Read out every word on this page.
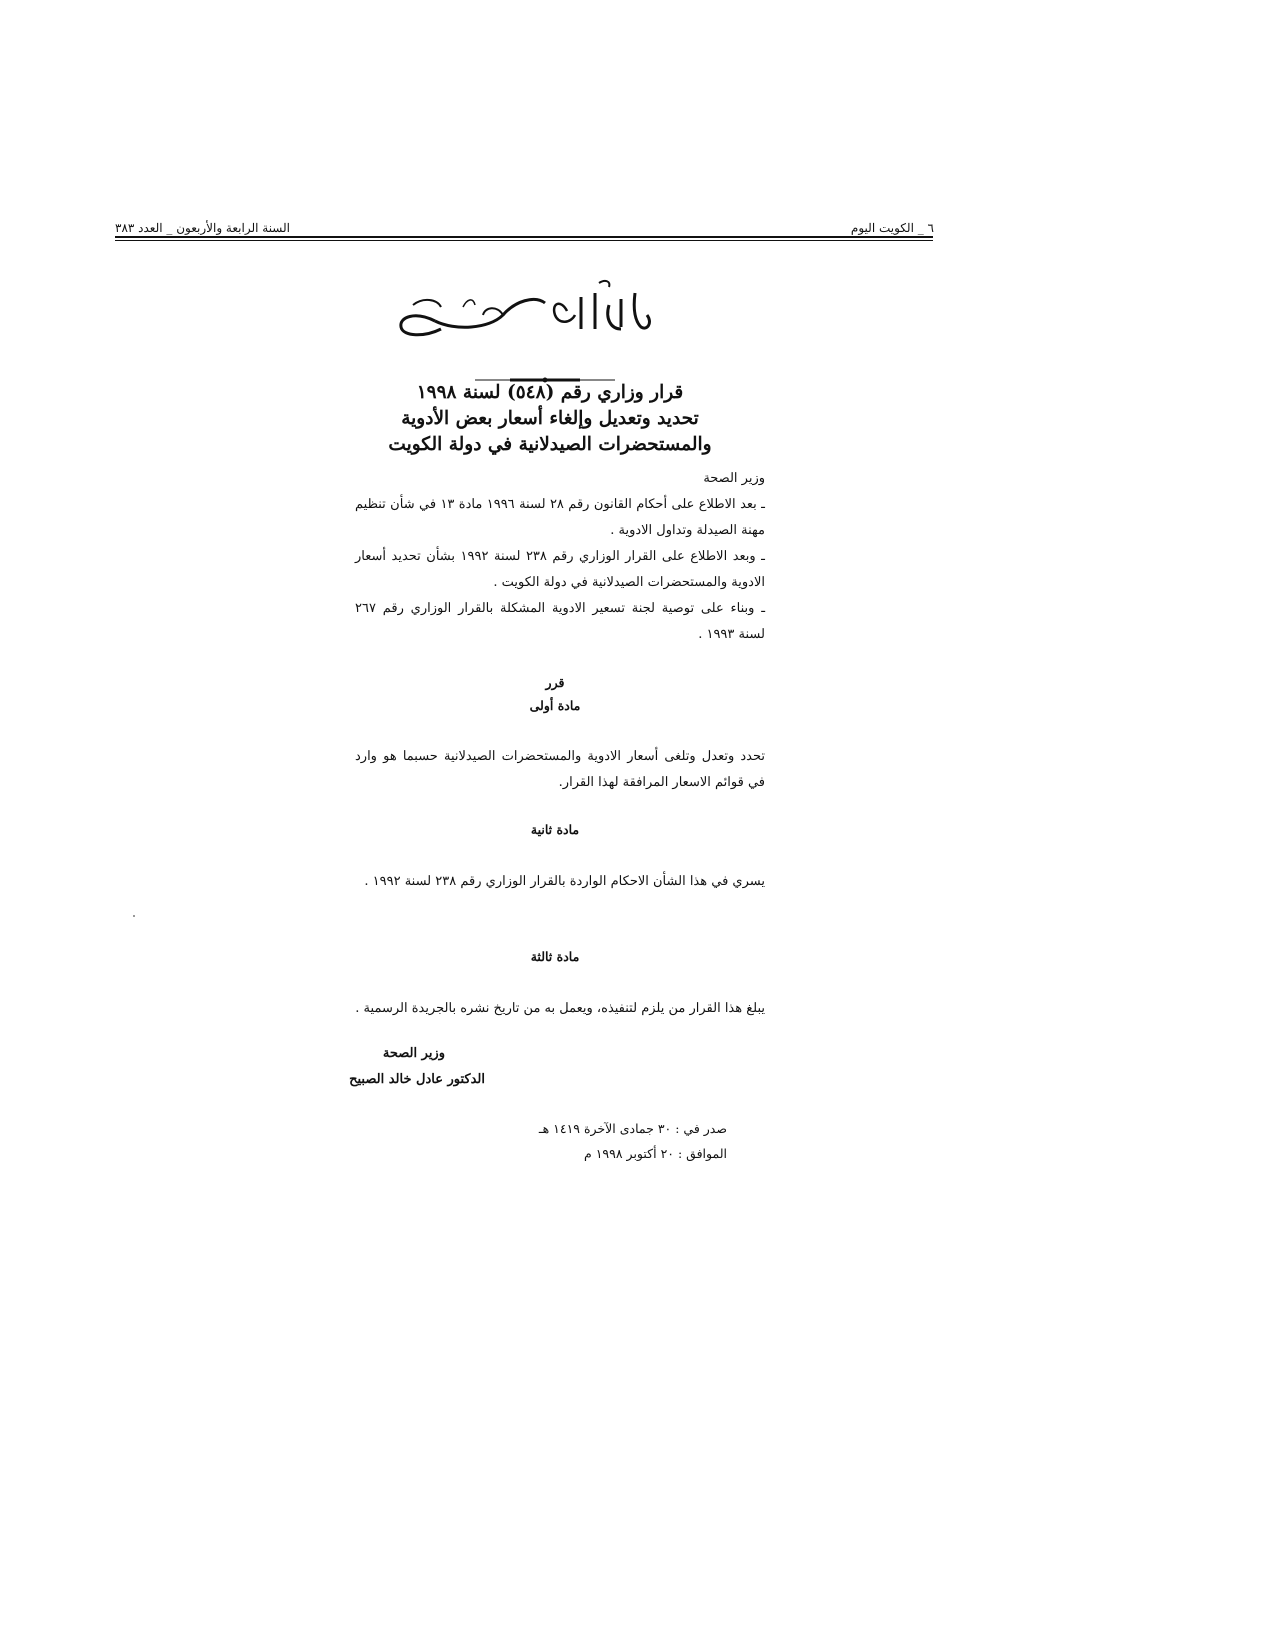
٦ _ الكويت اليوم
السنة الرابعة والأربعون _ العدد ٣٨٣
قرار وزاري رقم (٥٤٨) لسنة ١٩٩٨
تحديد وتعديل وإلغاء أسعار بعض الأدوية
والمستحضرات الصيدلانية في دولة الكويت
وزير الصحة
ـ بعد الاطلاع على أحكام القانون رقم ٢٨ لسنة ١٩٩٦ مادة ١٣ في شأن تنظيم مهنة الصيدلة وتداول الادوية .
ـ وبعد الاطلاع على القرار الوزاري رقم ٢٣٨ لسنة ١٩٩٢ بشأن تحديد أسعار الادوية والمستحضرات الصيدلانية في دولة الكويت .
ـ وبناء على توصية لجنة تسعير الادوية المشكلة بالقرار الوزاري رقم ٢٦٧ لسنة ١٩٩٣ .
قرر
مادة أولى
تحدد وتعدل وتلغى أسعار الادوية والمستحضرات الصيدلانية حسبما هو وارد في قوائم الاسعار المرافقة لهذا القرار.
مادة ثانية
يسري في هذا الشأن الاحكام الواردة بالقرار الوزاري رقم ٢٣٨ لسنة ١٩٩٢ .
مادة ثالثة
يبلغ هذا القرار من يلزم لتنفيذه، ويعمل به من تاريخ نشره بالجريدة الرسمية .
وزير الصحة
الدكتور عادل خالد الصبيح
صدر في : ٣٠ جمادى الآخرة ١٤١٩ هـ
الموافق : ٢٠ أكتوبر ١٩٩٨ م
